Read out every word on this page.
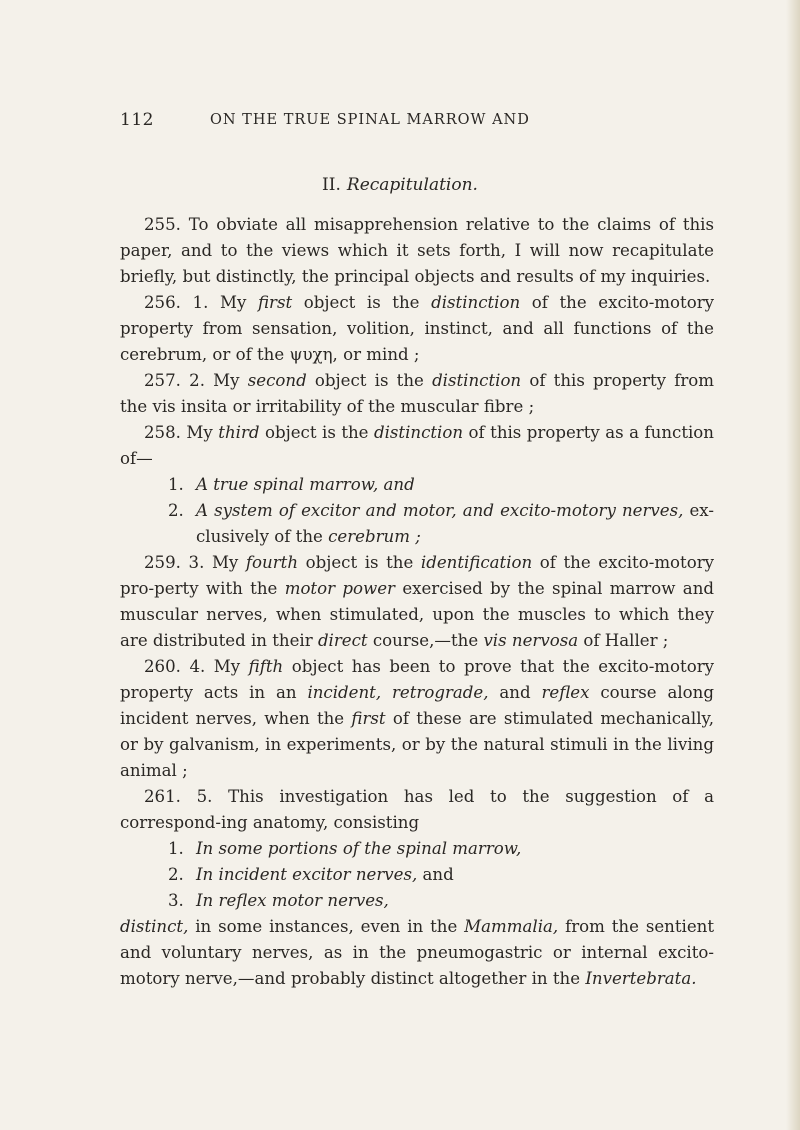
112	ON THE TRUE SPINAL MARROW AND
II. Recapitulation.

255. To obviate all misapprehension relative to the claims of this paper, and to the views which it sets forth, I will now recapitulate briefly, but distinctly, the principal objects and results of my inquiries.

256. 1. My first object is the distinction of the excito-motory property from sensation, volition, instinct, and all functions of the cerebrum, or of the ψυχη, or mind ;

257. 2. My second object is the distinction of this property from the vis insita or irritability of the muscular fibre ;

258. My third object is the distinction of this property as a function of—

1. A true spinal marrow, and

2. A system of excitor and motor, and excito-motory nerves, ex-clusively of the cerebrum ;

259. 3. My fourth object is the identification of the excito-motory pro-perty with the motor power exercised by the spinal marrow and muscular nerves, when stimulated, upon the muscles to which they are distributed in their direct course,—the vis nervosa of Haller ;

260. 4. My fifth object has been to prove that the excito-motory property acts in an incident, retrograde, and reflex course along incident nerves, when the first of these are stimulated mechanically, or by galvanism, in experiments, or by the natural stimuli in the living animal ;

261. 5. This investigation has led to the suggestion of a correspond-ing anatomy, consisting

1. In some portions of the spinal marrow,

2. In incident excitor nerves, and

3. In reflex motor nerves,

distinct, in some instances, even in the Mammalia, from the sentient and voluntary nerves, as in the pneumogastric or internal excito-motory nerve,—and probably distinct altogether in the Invertebrata.
